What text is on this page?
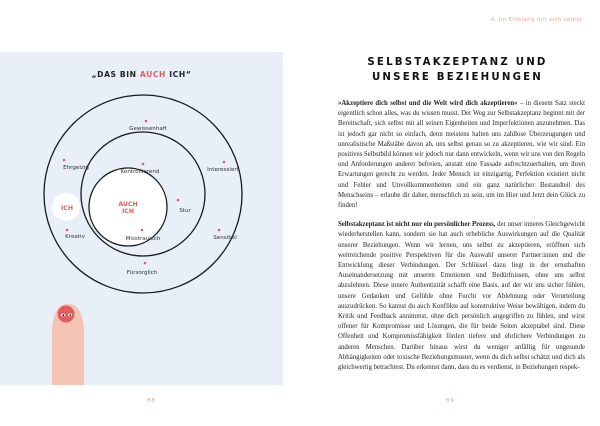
Gewissenhaft
Ehrgeizig	Interessiert
Kontrollierend
Stur
Kreativ	Misstrauisch	Sensibel
Fürsorglich
ICH
AUCH
ICH
„DAS BIN AUCH ICH“
88
4. Im Einklang mit sich selbst
SELBSTAKZEPTANZ UND
UNSERE BEZIEHUNGEN

»Akzeptiere dich selbst und die Welt wird dich akzeptieren« – in diesem Satz steckt eigentlich schon alles, was du wissen musst. Der Weg zur Selbstakzeptanz beginnt mit der Bereitschaft, sich selbst mit all seinen Eigenheiten und Imperfektionen anzunehmen. Das ist jedoch gar nicht so einfach, denn meistens halten uns zahllose Überzeugungen und unrealistische Maßstäbe davon ab, uns selbst genau so zu akzeptieren, wie wir sind. Ein positives Selbstbild können wir jedoch nur dann entwickeln, wenn wir uns von den Regeln und Anforderungen anderer befreien, anstatt eine Fassade aufrechtzuerhalten, um ihren Erwartungen gerecht zu werden. Jeder Mensch ist einzigartig, Perfektion existiert nicht und Fehler und Unvollkommenheiten sind ein ganz natürlicher Bestandteil des Menschseins – erlaube dir daher, menschlich zu sein, um im Hier und Jetzt dein Glück zu finden!

Selbstakzeptanz ist nicht nur ein persönlicher Prozess, der unser inneres Gleichgewicht wiederherstellen kann, sondern sie hat auch erhebliche Auswirkungen auf die Qualität unserer Beziehungen. Wenn wir lernen, uns selbst zu akzeptieren, eröffnen sich weitreichende positive Perspektiven für die Auswahl unserer Partner:innen und die Entwicklung dieser Verbindungen. Der Schlüssel dazu liegt in der ernsthaften Auseinandersetzung mit unseren Emotionen und Bedürfnissen, ohne uns selbst abzulehnen. Diese innere Authentizität schafft eine Basis, auf der wir uns sicher fühlen, unsere Gedanken und Gefühle ohne Furcht vor Ablehnung oder Verurteilung auszudrücken. So kannst du auch Konflikte auf konstruktive Weise bewältigen, indem du Kritik und Feedback annimmst, ohne dich persönlich angegriffen zu fühlen, und wirst offener für Kompromisse und Lösungen, die für beide Seiten akzeptabel sind. Diese Offenheit und Kompromissfähigkeit fördert tiefere und ehrlichere Verbindungen zu anderen Menschen. Darüber hinaus wirst du weniger anfällig für ungesunde Abhängigkeiten oder toxische Beziehungsmuster, wenn du dich selbst schätzt und dich als gleichwertig betrachtest. Du erkennst dann, dass du es verdienst, in Beziehungen respek-

89
